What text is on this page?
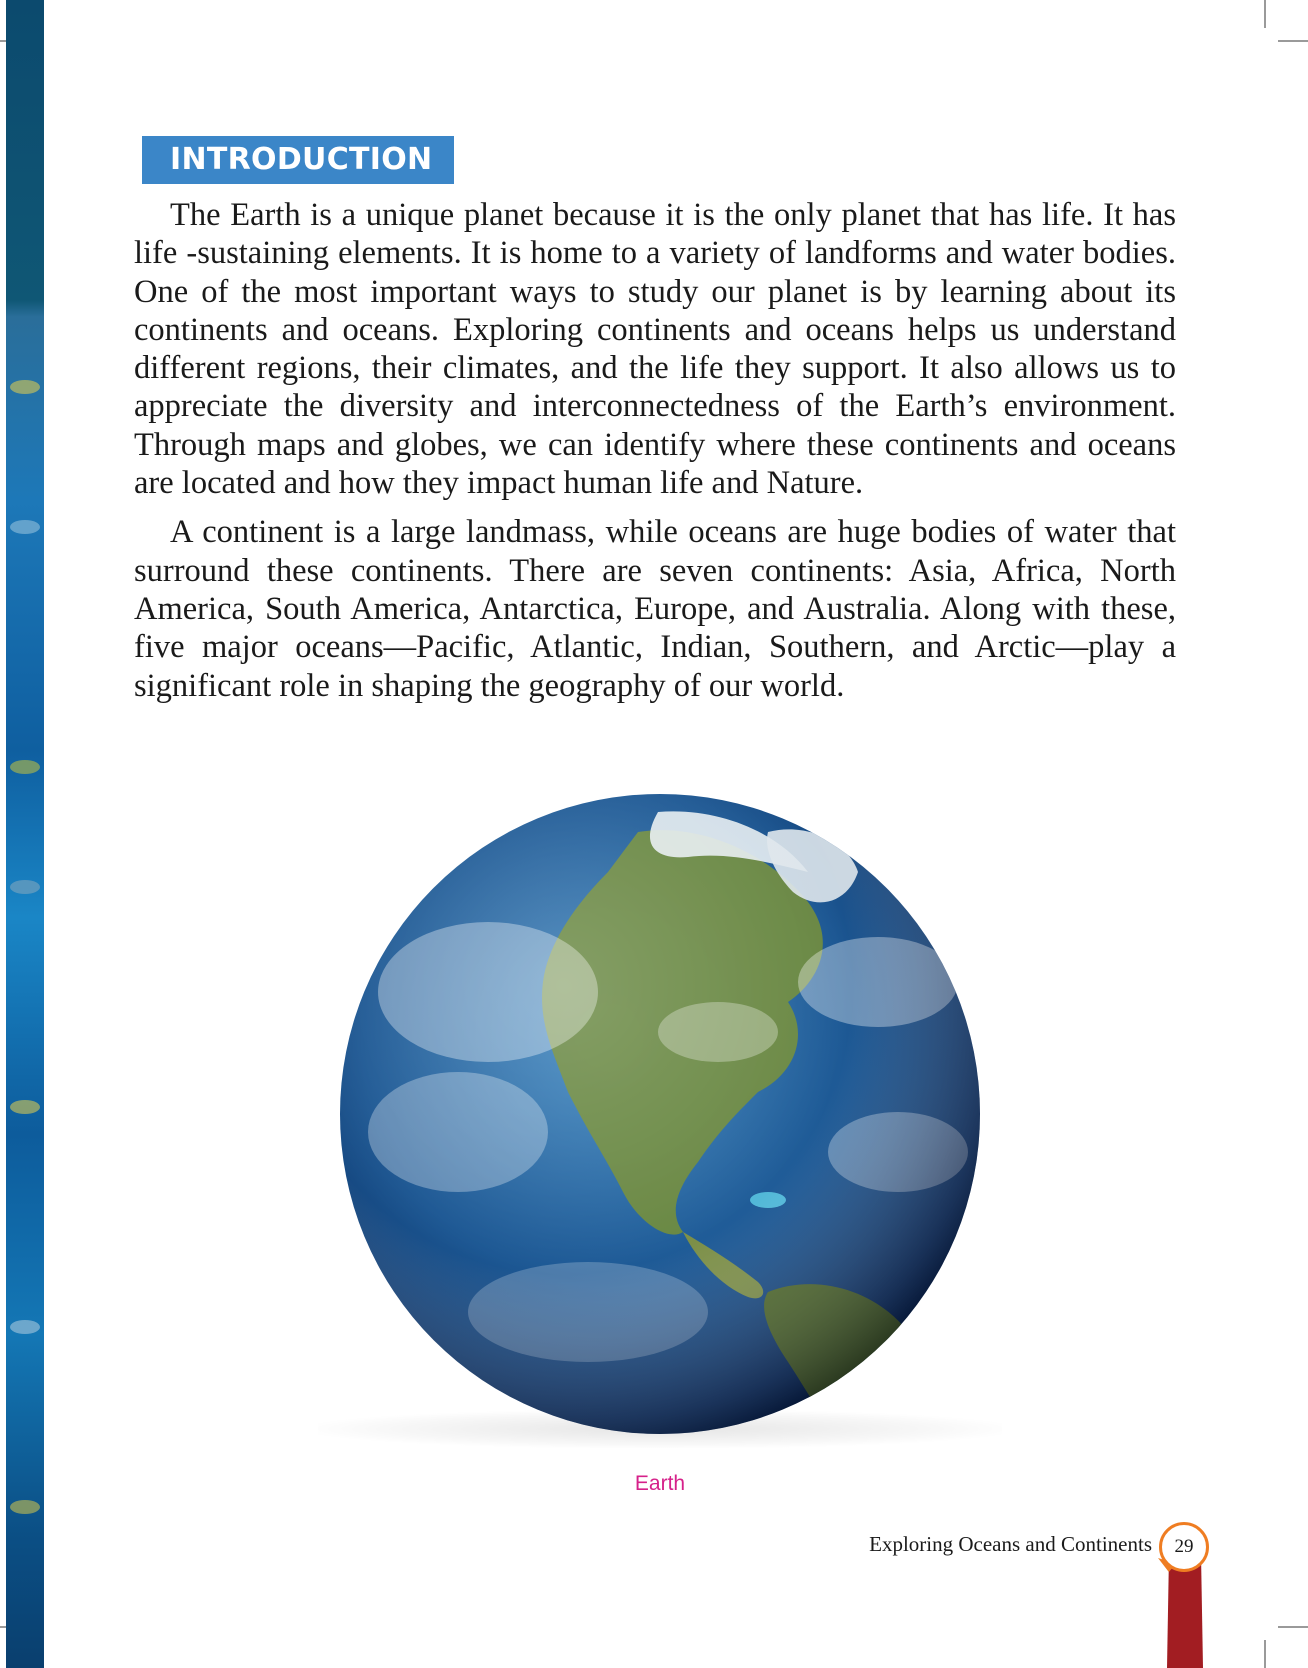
INTRODUCTION

The Earth is a unique planet because it is the only planet that has life. It has life -sustaining elements. It is home to a variety of landforms and water bodies. One of the most important ways to study our planet is by learning about its continents and oceans. Exploring continents and oceans helps us understand different regions, their climates, and the life they support. It also allows us to appreciate the diversity and interconnectedness of the Earth’s environment. Through maps and globes, we can identify where these continents and oceans are located and how they impact human life and Nature.

A continent is a large landmass, while oceans are huge bodies of water that surround these continents. There are seven continents: Asia, Africa, North America, South America, Antarctica, Europe, and Australia. Along with these, five major oceans—Pacific, Atlantic, Indian, Southern, and Arctic—play a significant role in shaping the geography of our world.

Earth
Exploring Oceans and Continents	29
